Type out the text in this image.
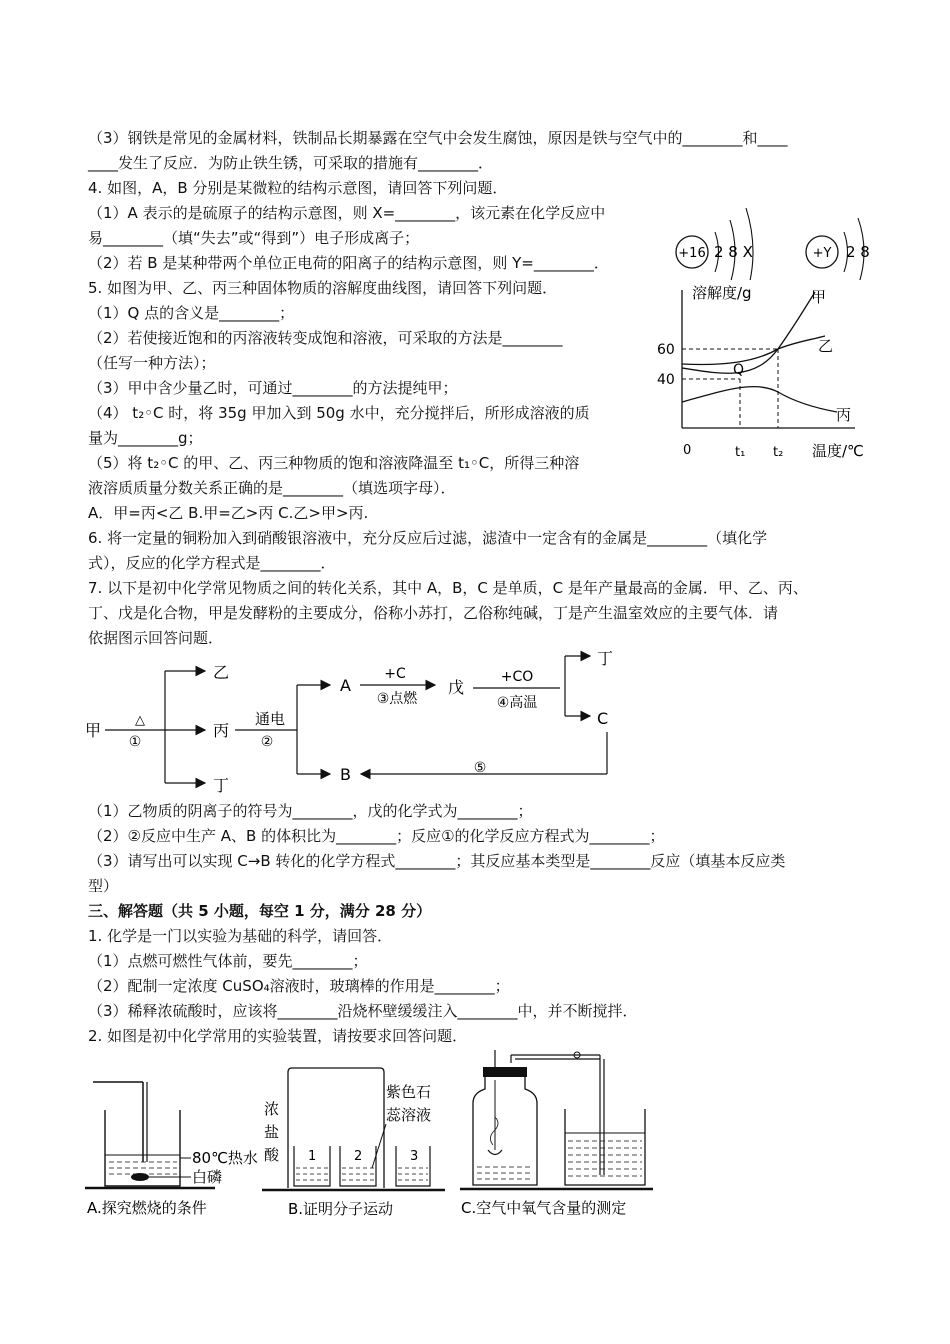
（3）钢铁是常见的金属材料，铁制品长期暴露在空气中会发生腐蚀，原因是铁与空气中的________和____
____发生了反应．为防止铁生锈，可采取的措施有________．
4. 如图，A，B 分别是某微粒的结构示意图，请回答下列问题．
（1）A 表示的是硫原子的结构示意图，则 X=________，该元素在化学反应中
易________（填“失去”或“得到”）电子形成离子；
（2）若 B 是某种带两个单位正电荷的阳离子的结构示意图，则 Y=________．
5. 如图为甲、乙、丙三种固体物质的溶解度曲线图，请回答下列问题．
（1）Q 点的含义是________；
（2）若使接近饱和的丙溶液转变成饱和溶液，可采取的方法是________
（任写一种方法）；
（3）甲中含少量乙时，可通过________的方法提纯甲；
（4） t₂◦C 时，将 35g 甲加入到 50g 水中，充分搅拌后，所形成溶液的质
量为________g；
（5）将 t₂◦C 的甲、乙、丙三种物质的饱和溶液降温至 t₁◦C，所得三种溶
液溶质质量分数关系正确的是________（填选项字母）．
A．甲=丙<乙 B.甲=乙>丙 C.乙>甲>丙.
6. 将一定量的铜粉加入到硝酸银溶液中，充分反应后过滤，滤渣中一定含有的金属是________（填化学
式），反应的化学方程式是________．
7. 以下是初中化学常见物质之间的转化关系，其中 A，B，C 是单质，C 是年产量最高的金属．甲、乙、丙、
丁、戊是化合物，甲是发酵粉的主要成分，俗称小苏打，乙俗称纯碱，丁是产生温室效应的主要气体．请
依据图示回答问题．
（1）乙物质的阴离子的符号为________，戊的化学式为________；
（2）②反应中生产 A、B 的体积比为________；反应①的化学反应方程式为________；
（3）请写出可以实现 C→B 转化的化学方程式________；其反应基本类型是________反应（填基本反应类
型）
三、解答题（共 5 小题，每空 1 分，满分 28 分）
1. 化学是一门以实验为基础的科学，请回答．
（1）点燃可燃性气体前，要先________；
（2）配制一定浓度 CuSO₄溶液时，玻璃棒的作用是________；
（3）稀释浓硫酸时，应该将________沿烧杯壁缓缓注入________中，并不断搅拌．
2. 如图是初中化学常用的实验装置，请按要求回答问题．
+16 2 8 X	+Y 2 8
溶解度/g
温度/℃
0
60
40
t₁ t₂
Q
甲
乙
丙
甲
△
①
乙
丙
丁
通电
②
A
B
+C
③点燃
戊
+CO
④高温
丁
C
⑤
80℃热水
白磷
A.探究燃烧的条件
浓
盐
酸
紫色石
蕊溶液
1	2	3
B.证明分子运动	C.空气中氧气含量的测定
